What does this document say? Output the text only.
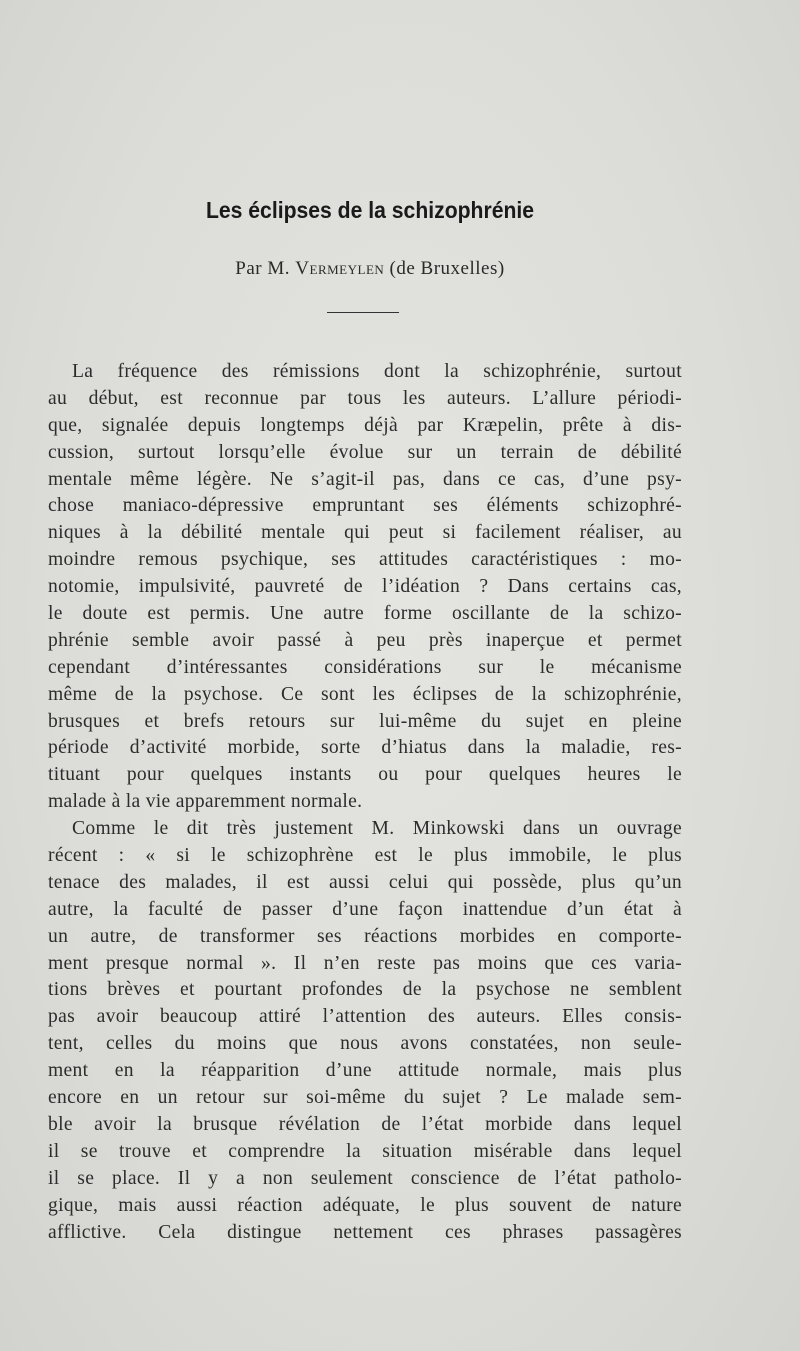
Les éclipses de la schizophrénie
Par M. Vermeylen (de Bruxelles)
La fréquence des rémissions dont la schizophrénie, surtout
au début, est reconnue par tous les auteurs. L’allure périodi-
que, signalée depuis longtemps déjà par Kræpelin, prête à dis-
cussion, surtout lorsqu’elle évolue sur un terrain de débilité
mentale même légère. Ne s’agit-il pas, dans ce cas, d’une psy-
chose maniaco-dépressive empruntant ses éléments schizophré-
niques à la débilité mentale qui peut si facilement réaliser, au
moindre remous psychique, ses attitudes caractéristiques : mo-
notomie, impulsivité, pauvreté de l’idéation ? Dans certains cas,
le doute est permis. Une autre forme oscillante de la schizo-
phrénie semble avoir passé à peu près inaperçue et permet
cependant d’intéressantes considérations sur le mécanisme
même de la psychose. Ce sont les éclipses de la schizophrénie,
brusques et brefs retours sur lui-même du sujet en pleine
période d’activité morbide, sorte d’hiatus dans la maladie, res-
tituant pour quelques instants ou pour quelques heures le
malade à la vie apparemment normale.
Comme le dit très justement M. Minkowski dans un ouvrage
récent : « si le schizophrène est le plus immobile, le plus
tenace des malades, il est aussi celui qui possède, plus qu’un
autre, la faculté de passer d’une façon inattendue d’un état à
un autre, de transformer ses réactions morbides en comporte-
ment presque normal ». Il n’en reste pas moins que ces varia-
tions brèves et pourtant profondes de la psychose ne semblent
pas avoir beaucoup attiré l’attention des auteurs. Elles consis-
tent, celles du moins que nous avons constatées, non seule-
ment en la réapparition d’une attitude normale, mais plus
encore en un retour sur soi-même du sujet ? Le malade sem-
ble avoir la brusque révélation de l’état morbide dans lequel
il se trouve et comprendre la situation misérable dans lequel
il se place. Il y a non seulement conscience de l’état patholo-
gique, mais aussi réaction adéquate, le plus souvent de nature
afflictive. Cela distingue nettement ces phrases passagères
